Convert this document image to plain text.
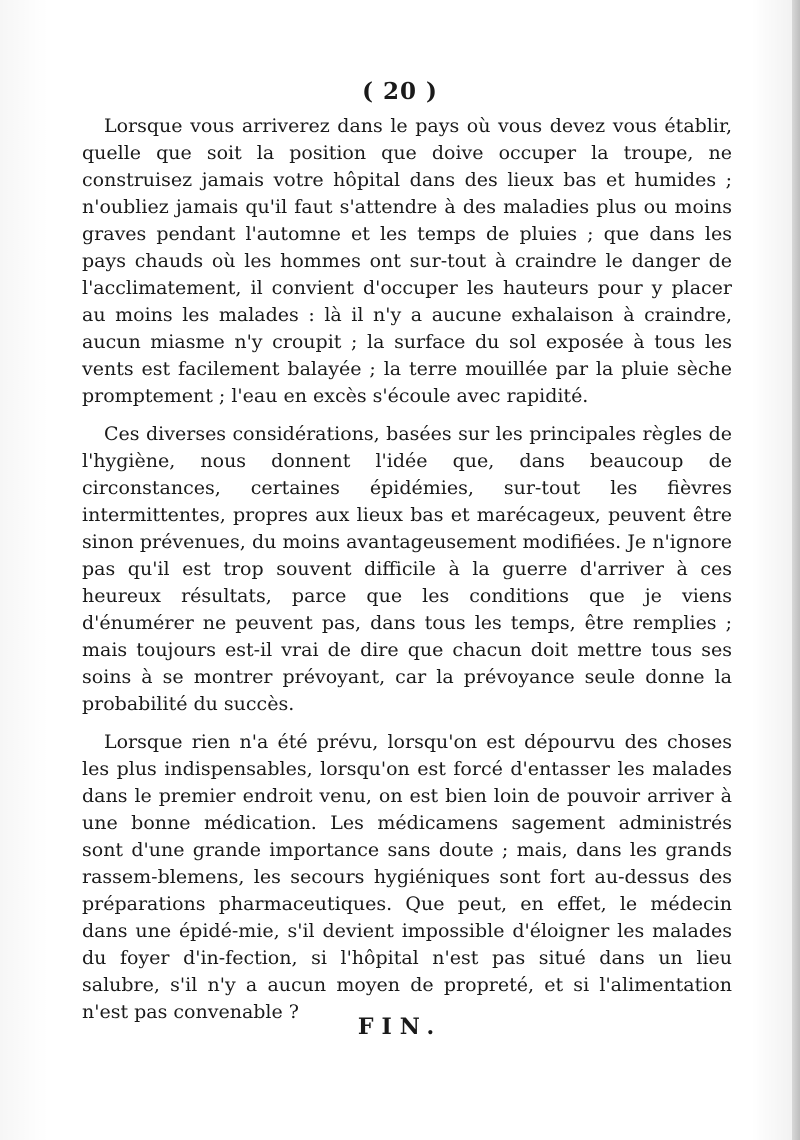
( 20 )

Lorsque vous arriverez dans le pays où vous devez vous établir, quelle que soit la position que doive occuper la troupe, ne construisez jamais votre hôpital dans des lieux bas et humides ; n'oubliez jamais qu'il faut s'attendre à des maladies plus ou moins graves pendant l'automne et les temps de pluies ; que dans les pays chauds où les hommes ont sur-tout à craindre le danger de l'acclimatement, il convient d'occuper les hauteurs pour y placer au moins les malades : là il n'y a aucune exhalaison à craindre, aucun miasme n'y croupit ; la surface du sol exposée à tous les vents est facilement balayée ; la terre mouillée par la pluie sèche promptement ; l'eau en excès s'écoule avec rapidité.

Ces diverses considérations, basées sur les principales règles de l'hygiène, nous donnent l'idée que, dans beaucoup de circonstances, certaines épidémies, sur-tout les fièvres intermittentes, propres aux lieux bas et marécageux, peuvent être sinon prévenues, du moins avantageusement modifiées. Je n'ignore pas qu'il est trop souvent difficile à la guerre d'arriver à ces heureux résultats, parce que les conditions que je viens d'énumérer ne peuvent pas, dans tous les temps, être remplies ; mais toujours est-il vrai de dire que chacun doit mettre tous ses soins à se montrer prévoyant, car la prévoyance seule donne la probabilité du succès.

Lorsque rien n'a été prévu, lorsqu'on est dépourvu des choses les plus indispensables, lorsqu'on est forcé d'entasser les malades dans le premier endroit venu, on est bien loin de pouvoir arriver à une bonne médication. Les médicamens sagement administrés sont d'une grande importance sans doute ; mais, dans les grands rassem-blemens, les secours hygiéniques sont fort au-dessus des préparations pharmaceutiques. Que peut, en effet, le médecin dans une épidé-mie, s'il devient impossible d'éloigner les malades du foyer d'in-fection, si l'hôpital n'est pas situé dans un lieu salubre, s'il n'y a aucun moyen de propreté, et si l'alimentation n'est pas convenable ?

FIN.
